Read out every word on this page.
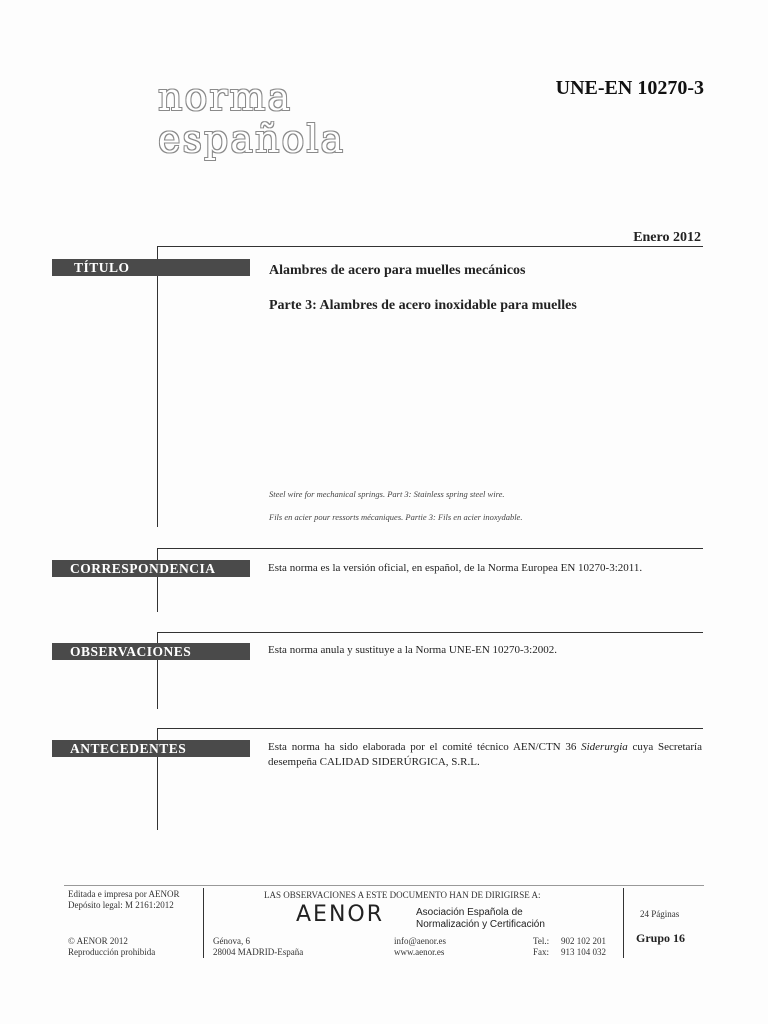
norma
española
UNE-EN 10270-3
Enero 2012
TÍTULO	Alambres de acero para muelles mecánicos
Parte 3: Alambres de acero inoxidable para muelles
Steel wire for mechanical springs. Part 3: Stainless spring steel wire.
Fils en acier pour ressorts mécaniques. Partie 3: Fils en acier inoxydable.
CORRESPONDENCIA	Esta norma es la versión oficial, en español, de la Norma Europea EN 10270-3:2011.
OBSERVACIONES	Esta norma anula y sustituye a la Norma UNE-EN 10270-3:2002.
ANTECEDENTES	Esta norma ha sido elaborada por el comité técnico AEN/CTN 36 Siderurgia cuya Secretaría desempeña CALIDAD SIDERÚRGICA, S.R.L.
Editada e impresa por AENOR
Depósito legal: M 2161:2012
© AENOR 2012
Reproducción prohibida
LAS OBSERVACIONES A ESTE DOCUMENTO HAN DE DIRIGIRSE A:
AENOR	Asociación Española de
Normalización y Certificación
Génova, 6
28004 MADRID-España
info@aenor.es
www.aenor.es
Tel.: 902 102 201
Fax: 913 104 032
24 Páginas
Grupo 16
